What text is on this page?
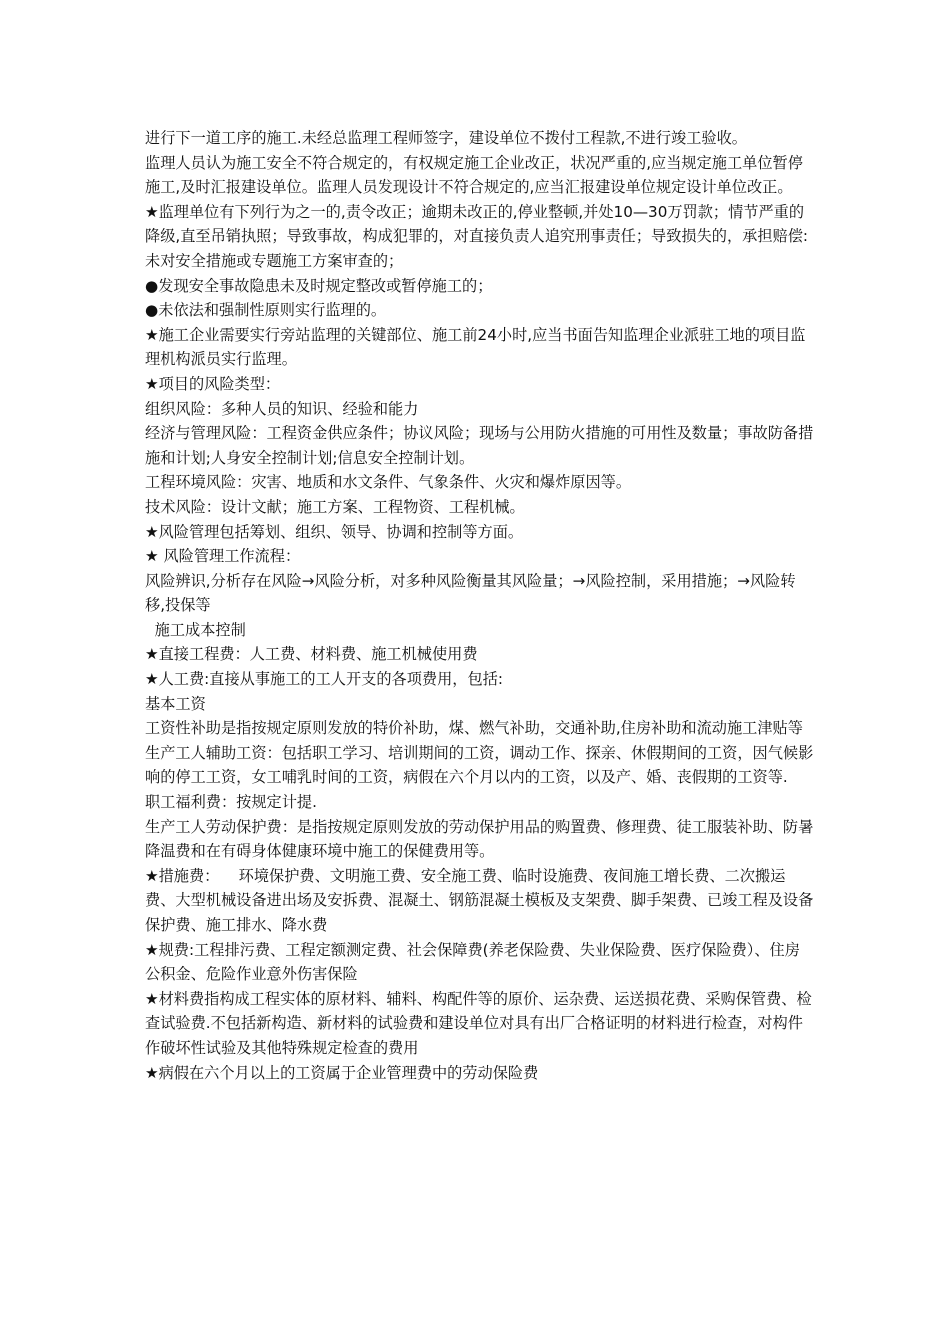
进行下一道工序的施工.未经总监理工程师签字，建设单位不拨付工程款,不进行竣工验收。

监理人员认为施工安全不符合规定的，有权规定施工企业改正，状况严重的,应当规定施工单位暂停施工,及时汇报建设单位。监理人员发现设计不符合规定的,应当汇报建设单位规定设计单位改正。

★监理单位有下列行为之一的,责令改正；逾期未改正的,停业整顿,并处10—30万罚款；情节严重的降级,直至吊销执照；导致事故，构成犯罪的，对直接负责人追究刑事责任；导致损失的，承担赔偿:

未对安全措施或专题施工方案审查的；

●发现安全事故隐患未及时规定整改或暂停施工的；

●未依法和强制性原则实行监理的。

★施工企业需要实行旁站监理的关键部位、施工前24小时,应当书面告知监理企业派驻工地的项目监理机构派员实行监理。

★项目的风险类型：

组织风险：多种人员的知识、经验和能力

经济与管理风险：工程资金供应条件；协议风险；现场与公用防火措施的可用性及数量；事故防备措施和计划;人身安全控制计划;信息安全控制计划。

工程环境风险：灾害、地质和水文条件、气象条件、火灾和爆炸原因等。

技术风险：设计文献；施工方案、工程物资、工程机械。

★风险管理包括筹划、组织、领导、协调和控制等方面。

★ 风险管理工作流程：

风险辨识,分析存在风险→风险分析，对多种风险衡量其风险量；→风险控制，采用措施；→风险转移,投保等

施工成本控制

★直接工程费：人工费、材料费、施工机械使用费

★人工费:直接从事施工的工人开支的各项费用，包括:

基本工资

工资性补助是指按规定原则发放的特价补助，煤、燃气补助，交通补助,住房补助和流动施工津贴等

生产工人辅助工资：包括职工学习、培训期间的工资，调动工作、探亲、休假期间的工资，因气候影响的停工工资，女工哺乳时间的工资，病假在六个月以内的工资，以及产、婚、丧假期的工资等.

职工福利费：按规定计提.

生产工人劳动保护费：是指按规定原则发放的劳动保护用品的购置费、修理费、徒工服装补助、防暑降温费和在有碍身体健康环境中施工的保健费用等。

★措施费：    环境保护费、文明施工费、安全施工费、临时设施费、夜间施工增长费、二次搬运费、大型机械设备进出场及安拆费、混凝土、钢筋混凝土模板及支架费、脚手架费、已竣工程及设备保护费、施工排水、降水费

★规费:工程排污费、工程定额测定费、社会保障费(养老保险费、失业保险费、医疗保险费）、住房公积金、危险作业意外伤害保险

★材料费指构成工程实体的原材料、辅料、构配件等的原价、运杂费、运送损花费、采购保管费、检查试验费.不包括新构造、新材料的试验费和建设单位对具有出厂合格证明的材料进行检查，对构件作破坏性试验及其他特殊规定检查的费用

★病假在六个月以上的工资属于企业管理费中的劳动保险费
